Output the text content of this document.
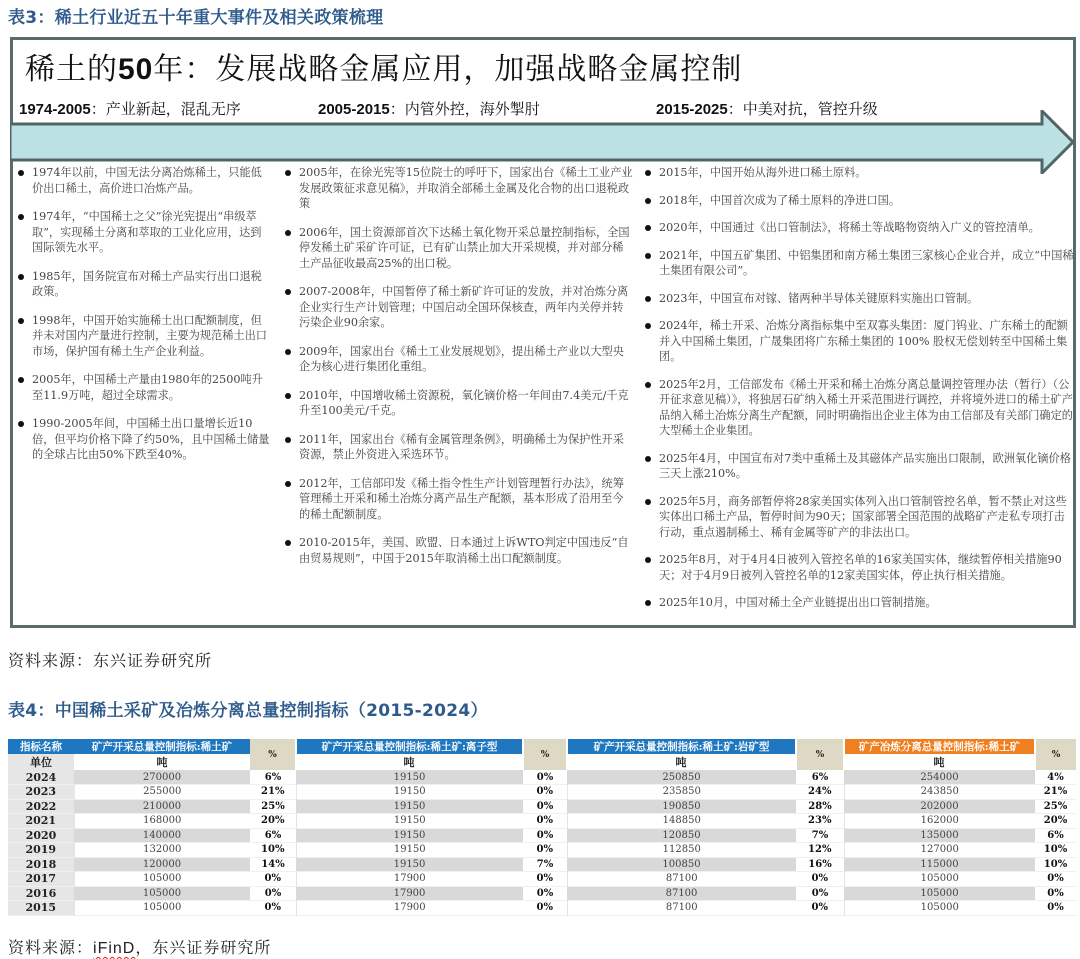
表3：稀土行业近五十年重大事件及相关政策梳理
稀土的50年：发展战略金属应用，加强战略金属控制
1974-2005：产业新起，混乱无序	2005-2015：内管外控，海外掣肘	2015-2025：中美对抗，管控升级
1974年以前，中国无法分离冶炼稀土，只能低价出口稀土，高价进口冶炼产品。
1974年，“中国稀土之父”徐光宪提出“串级萃取”，实现稀土分离和萃取的工业化应用，达到国际领先水平。
1985年，国务院宣布对稀土产品实行出口退税政策。
1998年，中国开始实施稀土出口配额制度，但并未对国内产量进行控制，主要为规范稀土出口市场，保护国有稀土生产企业利益。
2005年，中国稀土产量由1980年的2500吨升至11.9万吨，超过全球需求。
1990-2005年间，中国稀土出口量增长近10倍，但平均价格下降了约50%，且中国稀土储量的全球占比由50%下跌至40%。
2005年，在徐光宪等15位院士的呼吁下，国家出台《稀土工业产业发展政策征求意见稿》，并取消全部稀土金属及化合物的出口退税政策
2006年，国土资源部首次下达稀土氧化物开采总量控制指标，全国停发稀土矿采矿许可证，已有矿山禁止加大开采规模，并对部分稀土产品征收最高25%的出口税。
2007-2008年，中国暂停了稀土新矿许可证的发放，并对冶炼分离企业实行生产计划管理；中国启动全国环保核查，两年内关停并转污染企业90余家。
2009年，国家出台《稀土工业发展规划》，提出稀土产业以大型央企为核心进行集团化重组。
2010年，中国增收稀土资源税，氧化镝价格一年间由7.4美元/千克升至100美元/千克。
2011年，国家出台《稀有金属管理条例》，明确稀土为保护性开采资源，禁止外资进入采选环节。
2012年，工信部印发《稀土指令性生产计划管理暂行办法》，统筹管理稀土开采和稀土冶炼分离产品生产配额，基本形成了沿用至今的稀土配额制度。
2010-2015年，美国、欧盟、日本通过上诉WTO判定中国违反“自由贸易规则”，中国于2015年取消稀土出口配额制度。
2015年，中国开始从海外进口稀土原料。
2018年，中国首次成为了稀土原料的净进口国。
2020年，中国通过《出口管制法》，将稀土等战略物资纳入广义的管控清单。
2021年，中国五矿集团、中铝集团和南方稀土集团三家核心企业合并，成立“中国稀土集团有限公司”。
2023年，中国宣布对镓、锗两种半导体关键原料实施出口管制。
2024年，稀土开采、冶炼分离指标集中至双寡头集团：厦门钨业、广东稀土的配额并入中国稀土集团，广晟集团将广东稀土集团的 100% 股权无偿划转至中国稀土集团。
2025年2月，工信部发布《稀土开采和稀土冶炼分离总量调控管理办法（暂行）（公开征求意见稿）》，将独居石矿纳入稀土开采范围进行调控，并将境外进口的稀土矿产品纳入稀土冶炼分离生产配额，同时明确指出企业主体为由工信部及有关部门确定的大型稀土企业集团。
2025年4月，中国宣布对7类中重稀土及其磁体产品实施出口限制，欧洲氧化镝价格三天上涨210%。
2025年5月，商务部暂停将28家美国实体列入出口管制管控名单，暂不禁止对这些实体出口稀土产品，暂停时间为90天；国家部署全国范围的战略矿产走私专项打击行动，重点遏制稀土、稀有金属等矿产的非法出口。
2025年8月，对于4月4日被列入管控名单的16家美国实体，继续暂停相关措施90天；对于4月9日被列入管控名单的12家美国实体，停止执行相关措施。
2025年10月，中国对稀土全产业链提出出口管制措施。
资料来源：东兴证券研究所
表4：中国稀土采矿及冶炼分离总量控制指标（2015-2024）
指标名称	矿产开采总量控制指标:稀土矿	%	矿产开采总量控制指标:稀土矿:离子型	%	矿产开采总量控制指标:稀土矿:岩矿型	%	矿产冶炼分离总量控制指标:稀土矿	%
单位	吨		吨		吨		吨	
2024	270000	6%	19150	0%	250850	6%	254000	4%
2023	255000	21%	19150	0%	235850	24%	243850	21%
2022	210000	25%	19150	0%	190850	28%	202000	25%
2021	168000	20%	19150	0%	148850	23%	162000	20%
2020	140000	6%	19150	0%	120850	7%	135000	6%
2019	132000	10%	19150	0%	112850	12%	127000	10%
2018	120000	14%	19150	7%	100850	16%	115000	10%
2017	105000	0%	17900	0%	87100	0%	105000	0%
2016	105000	0%	17900	0%	87100	0%	105000	0%
2015	105000	0%	17900	0%	87100	0%	105000	0%
资料来源：iFinD，东兴证券研究所
